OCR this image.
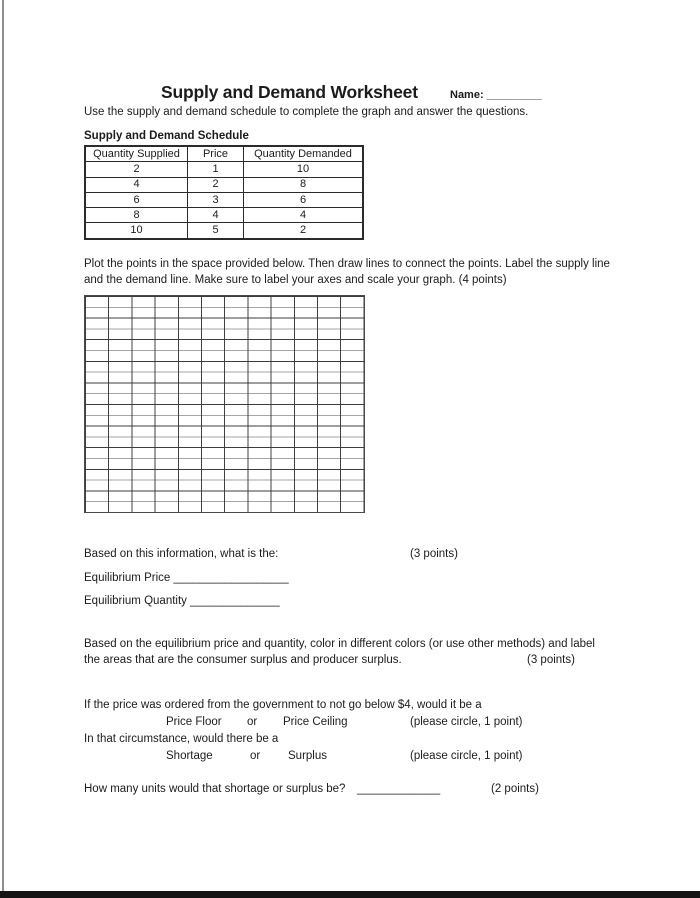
Supply and Demand Worksheet	Name: _________
Use the supply and demand schedule to complete the graph and answer the questions.
Supply and Demand Schedule
Quantity Supplied	Price	Quantity Demanded
2	1	10
4	2	8
6	3	6
8	4	4
10	5	2
Plot the points in the space provided below. Then draw lines to connect the points. Label the supply line
and the demand line. Make sure to label your axes and scale your graph. (4 points)
Based on this information, what is the:	(3 points)
Equilibrium Price __________________
Equilibrium Quantity ______________
Based on the equilibrium price and quantity, color in different colors (or use other methods) and label
the areas that are the consumer surplus and producer surplus.	(3 points)
If the price was ordered from the government to not go below $4, would it be a
Price Floor or Price Ceiling	(please circle, 1 point)
In that circumstance, would there be a
Shortage	or Surplus	(please circle, 1 point)
How many units would that shortage or surplus be? _____________	(2 points)
